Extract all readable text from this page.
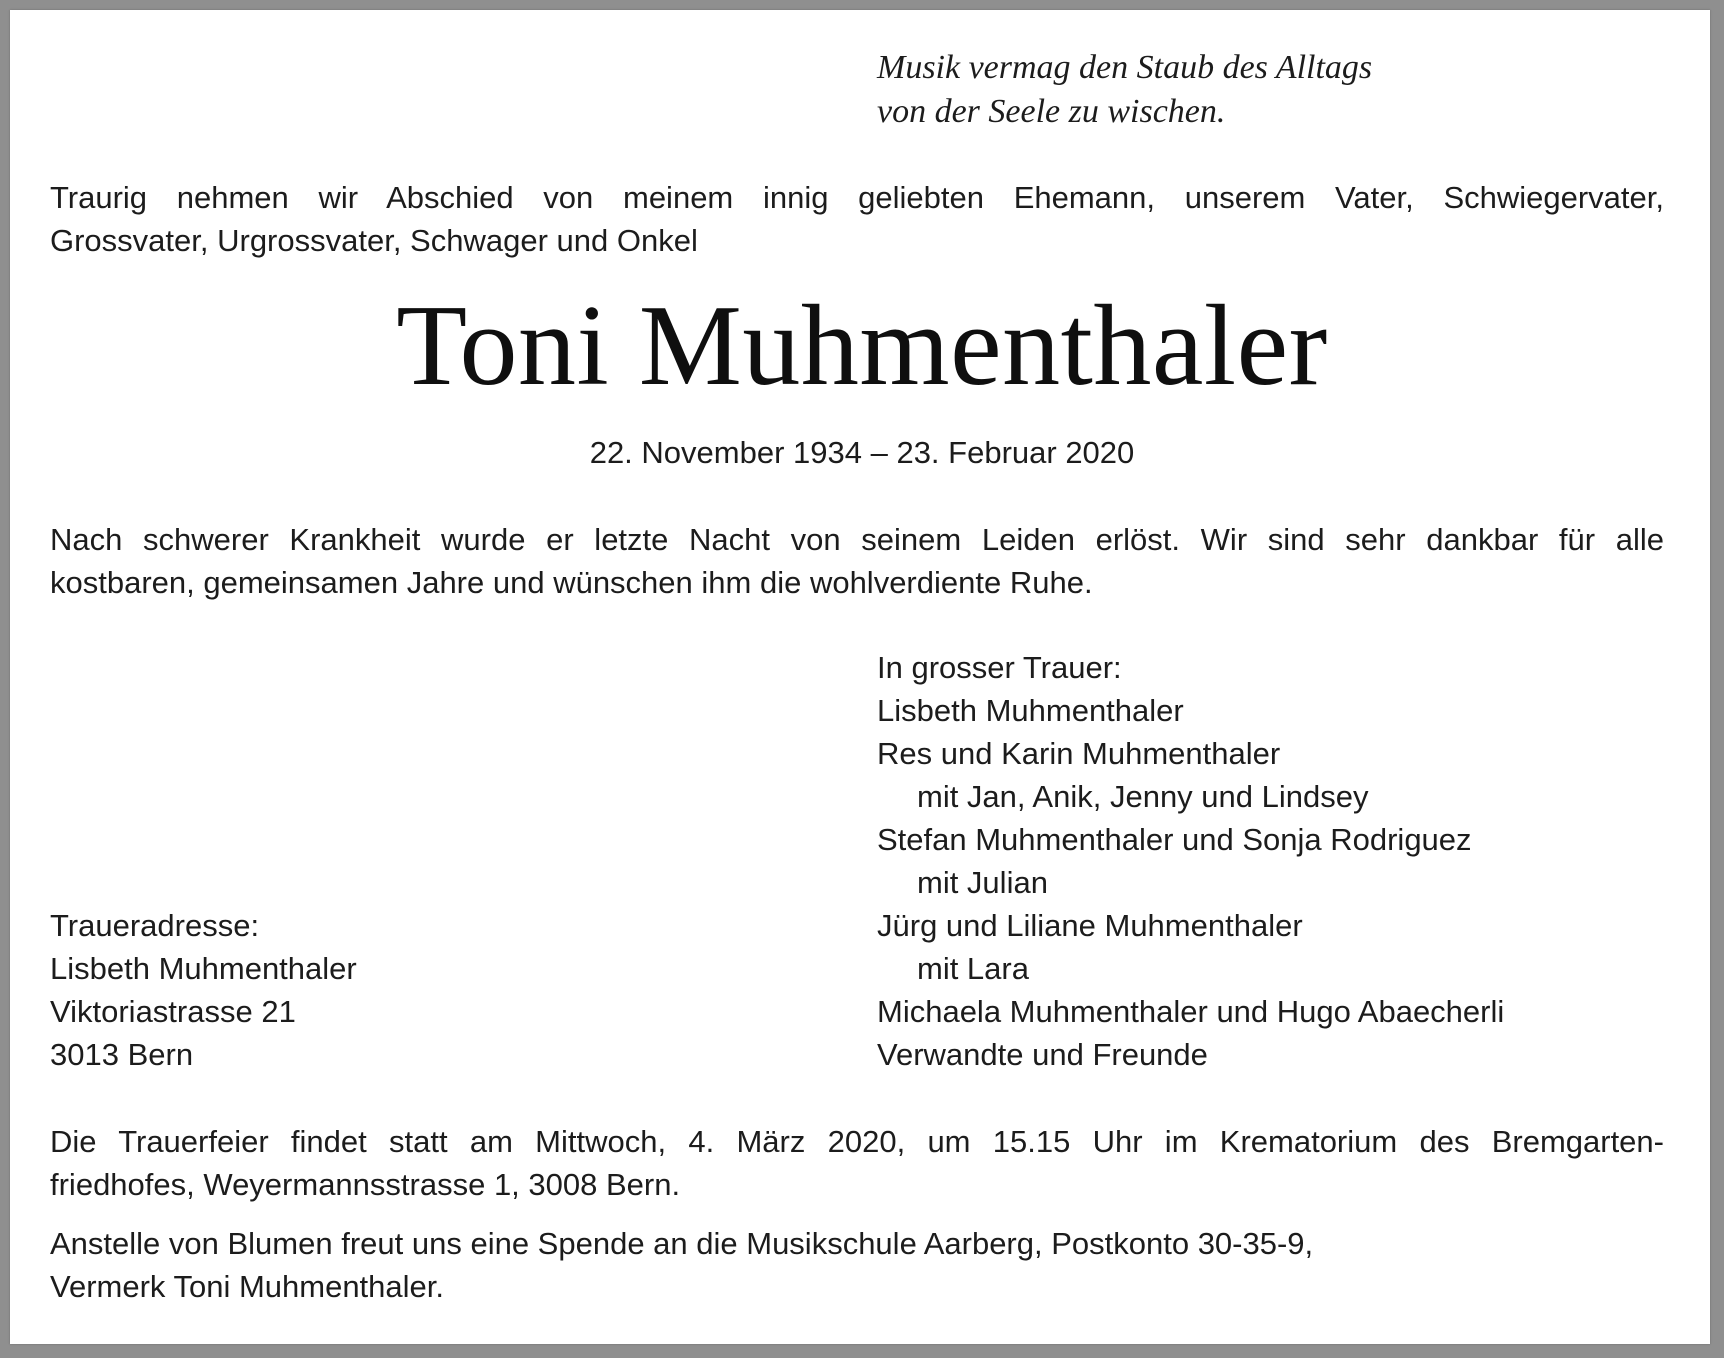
Musik vermag den Staub des Alltags
von der Seele zu wischen.
Traurig nehmen wir Abschied von meinem innig geliebten Ehemann, unserem Vater, Schwiegervater,
Grossvater, Urgrossvater, Schwager und Onkel
Toni Muhmenthaler
22. November 1934 – 23. Februar 2020
Nach schwerer Krankheit wurde er letzte Nacht von seinem Leiden erlöst. Wir sind sehr dankbar für alle
kostbaren, gemeinsamen Jahre und wünschen ihm die wohlverdiente Ruhe.
In grosser Trauer:
Lisbeth Muhmenthaler
Res und Karin Muhmenthaler
mit Jan, Anik, Jenny und Lindsey
Stefan Muhmenthaler und Sonja Rodriguez
mit Julian
Jürg und Liliane Muhmenthaler
mit Lara
Michaela Muhmenthaler und Hugo Abaecherli
Verwandte und Freunde
Traueradresse:
Lisbeth Muhmenthaler
Viktoriastrasse 21
3013 Bern
Die Trauerfeier findet statt am Mittwoch, 4. März 2020, um 15.15 Uhr im Krematorium des Bremgarten-
friedhofes, Weyermannsstrasse 1, 3008 Bern.
Anstelle von Blumen freut uns eine Spende an die Musikschule Aarberg, Postkonto 30-35-9,
Vermerk Toni Muhmenthaler.
